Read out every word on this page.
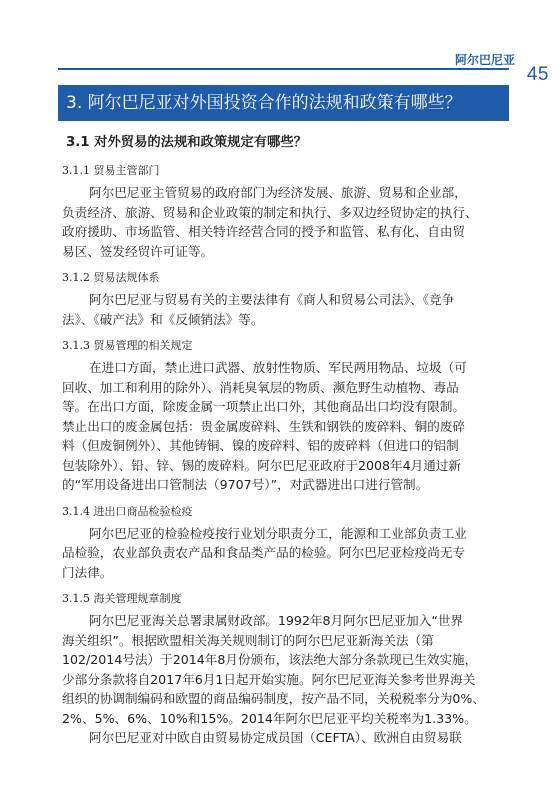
阿尔巴尼亚
45
3. 阿尔巴尼亚对外国投资合作的法规和政策有哪些？
3.1 对外贸易的法规和政策规定有哪些？
3.1.1 贸易主管部门
阿尔巴尼亚主管贸易的政府部门为经济发展、旅游、贸易和企业部，
负责经济、旅游、贸易和企业政策的制定和执行、多双边经贸协定的执行、
政府援助、市场监管、相关特许经营合同的授予和监管、私有化、自由贸
易区、签发经贸许可证等。
3.1.2 贸易法规体系
阿尔巴尼亚与贸易有关的主要法律有《商人和贸易公司法》、《竞争
法》、《破产法》和《反倾销法》等。
3.1.3 贸易管理的相关规定
在进口方面，禁止进口武器、放射性物质、军民两用物品、垃圾（可
回收、加工和利用的除外）、消耗臭氧层的物质、濒危野生动植物、毒品
等。在出口方面，除废金属一项禁止出口外，其他商品出口均没有限制。
禁止出口的废金属包括：贵金属废碎料、生铁和钢铁的废碎料、铜的废碎
料（但废铜例外）、其他铸铜、镍的废碎料、铝的废碎料（但进口的铝制
包装除外）、铅、锌、锡的废碎料。阿尔巴尼亚政府于2008年4月通过新
的“军用设备进出口管制法（9707号）”，对武器进出口进行管制。
3.1.4 进出口商品检验检疫
阿尔巴尼亚的检验检疫按行业划分职责分工，能源和工业部负责工业
品检验，农业部负责农产品和食品类产品的检验。阿尔巴尼亚检疫尚无专
门法律。
3.1.5 海关管理规章制度
阿尔巴尼亚海关总署隶属财政部。1992年8月阿尔巴尼亚加入“世界
海关组织”。根据欧盟相关海关规则制订的阿尔巴尼亚新海关法（第
102/2014号法）于2014年8月份颁布，该法绝大部分条款现已生效实施，
少部分条款将自2017年6月1日起开始实施。阿尔巴尼亚海关参考世界海关
组织的协调制编码和欧盟的商品编码制度，按产品不同，关税税率分为0%、
2%、5%、6%、10%和15%。2014年阿尔巴尼亚平均关税率为1.33%。
阿尔巴尼亚对中欧自由贸易协定成员国（CEFTA）、欧洲自由贸易联
